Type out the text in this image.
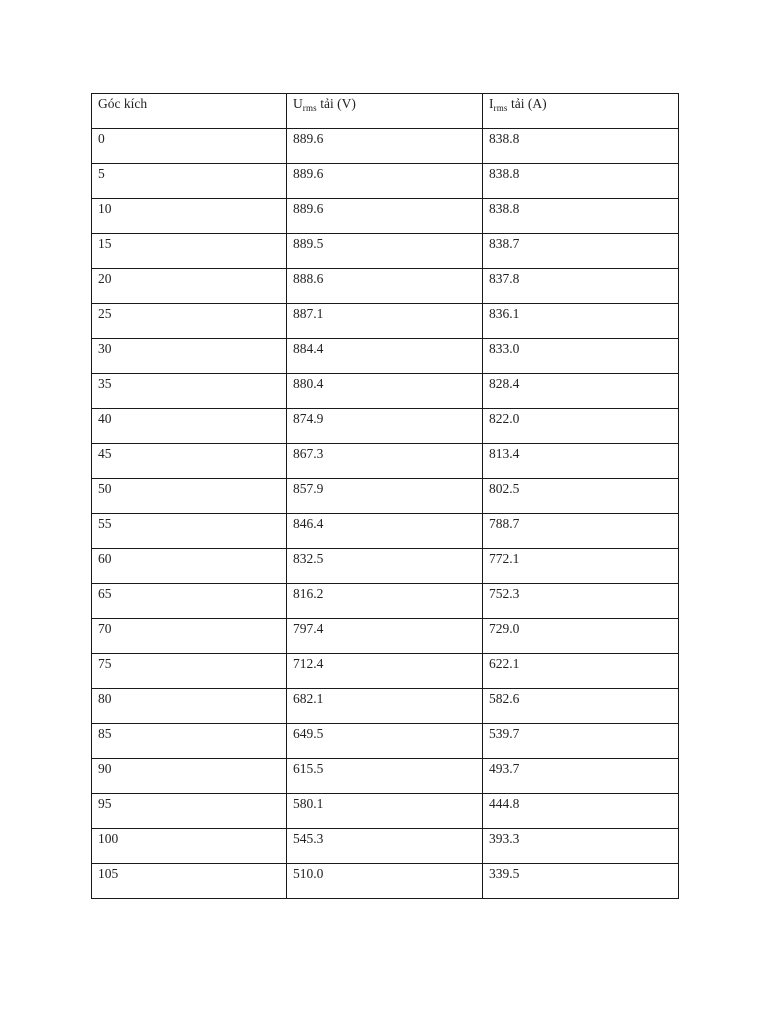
Góc kích	$U_{rms}$ tải (V)	$I_{rms}$ tải (A)
0	889.6	838.8
5	889.6	838.8
10	889.6	838.8
15	889.5	838.7
20	888.6	837.8
25	887.1	836.1
30	884.4	833.0
35	880.4	828.4
40	874.9	822.0
45	867.3	813.4
50	857.9	802.5
55	846.4	788.7
60	832.5	772.1
65	816.2	752.3
70	797.4	729.0
75	712.4	622.1
80	682.1	582.6
85	649.5	539.7
90	615.5	493.7
95	580.1	444.8
100	545.3	393.3
105	510.0	339.5
